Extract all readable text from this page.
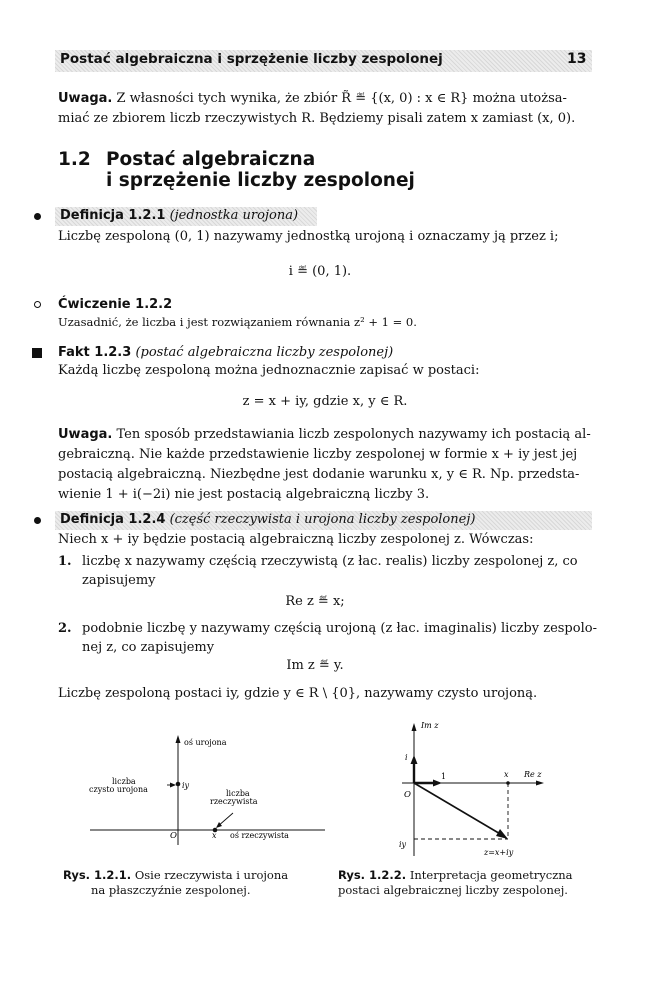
Postać algebraiczna i sprzężenie liczby zespolonej	13
Uwaga. Z własności tych wynika, że zbiór R̃ ≝ {(x, 0) : x ∈ R} można utożsa-
miać ze zbiorem liczb rzeczywistych R. Będziemy pisali zatem x zamiast (x, 0).
1.2 Postać algebraiczna
i sprzężenie liczby zespolonej
Definicja 1.2.1 (jednostka urojona)
Liczbę zespoloną (0, 1) nazywamy jednostką urojoną i oznaczamy ją przez i;
i ≝ (0, 1).
Ćwiczenie 1.2.2
Uzasadnić, że liczba i jest rozwiązaniem równania z² + 1 = 0.
Fakt 1.2.3 (postać algebraiczna liczby zespolonej)
Każdą liczbę zespoloną można jednoznacznie zapisać w postaci:
z = x + iy, gdzie x, y ∈ R.
Uwaga. Ten sposób przedstawiania liczb zespolonych nazywamy ich postacią al-
gebraiczną. Nie każde przedstawienie liczby zespolonej w formie x + iy jest jej
postacią algebraiczną. Niezbędne jest dodanie warunku x, y ∈ R. Np. przedsta-
wienie 1 + i(−2i) nie jest postacią algebraiczną liczby 3.
Definicja 1.2.4 (część rzeczywista i urojona liczby zespolonej)
Niech x + iy będzie postacią algebraiczną liczby zespolonej z. Wówczas:
1. liczbę x nazywamy częścią rzeczywistą (z łac. realis) liczby zespolonej z, co
zapisujemy
Re z ≝ x;
2. podobnie liczbę y nazywamy częścią urojoną (z łac. imaginalis) liczby zespolo-
nej z, co zapisujemy
Im z ≝ y.
Liczbę zespoloną postaci iy, gdzie y ∈ R \ {0}, nazywamy czysto urojoną.
oś urojona
oś rzeczywista
O
iy
x
liczba
czysto urojona	liczba
rzeczywista
Im z
Re z
O
i
1	x
iy
z=x+iy
Rys. 1.2.1. Osie rzeczywista i urojona
na płaszczyźnie zespolonej.
Rys. 1.2.2. Interpretacja geometryczna
postaci algebraicznej liczby zespolonej.
